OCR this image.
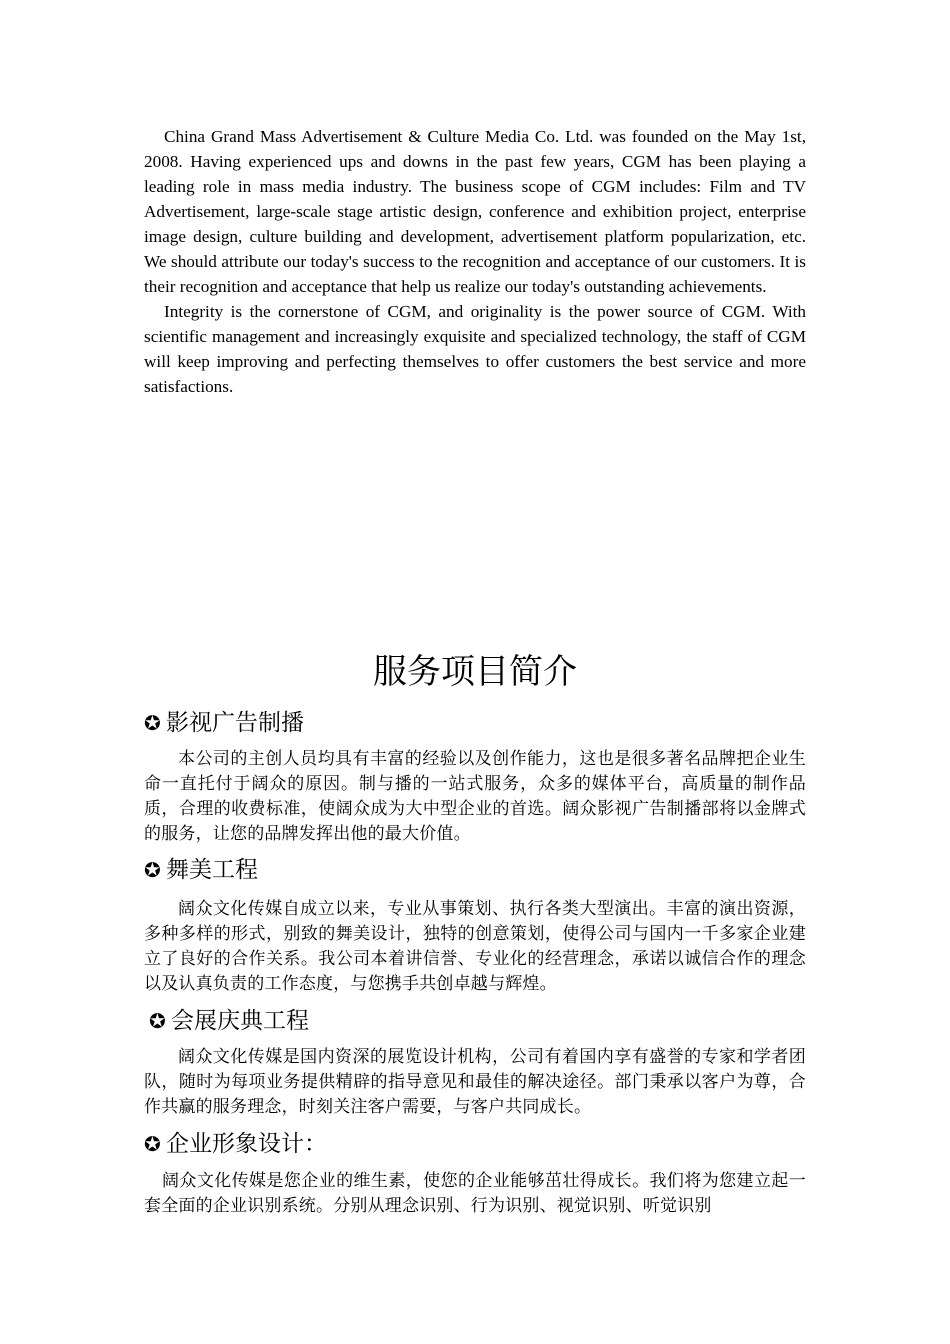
China Grand Mass Advertisement & Culture Media Co. Ltd. was founded on the May 1st, 2008. Having experienced ups and downs in the past few years, CGM has been playing a leading role in mass media industry. The business scope of CGM includes: Film and TV Advertisement, large-scale stage artistic design, conference and exhibition project, enterprise image design, culture building and development, advertisement platform popularization, etc. We should attribute our today's success to the recognition and acceptance of our customers. It is their recognition and acceptance that help us realize our today's outstanding achievements.

Integrity is the cornerstone of CGM, and originality is the power source of CGM. With scientific management and increasingly exquisite and specialized technology, the staff of CGM will keep improving and perfecting themselves to offer customers the best service and more satisfactions.

服务项目简介
✪ 影视广告制播

本公司的主创人员均具有丰富的经验以及创作能力，这也是很多著名品牌把企业生命一直托付于阔众的原因。制与播的一站式服务，众多的媒体平台，高质量的制作品质，合理的收费标准，使阔众成为大中型企业的首选。阔众影视广告制播部将以金牌式的服务，让您的品牌发挥出他的最大价值。

✪ 舞美工程

阔众文化传媒自成立以来，专业从事策划、执行各类大型演出。丰富的演出资源，多种多样的形式，别致的舞美设计，独特的创意策划，使得公司与国内一千多家企业建立了良好的合作关系。我公司本着讲信誉、专业化的经营理念，承诺以诚信合作的理念以及认真负责的工作态度，与您携手共创卓越与辉煌。

✪ 会展庆典工程

阔众文化传媒是国内资深的展览设计机构，公司有着国内享有盛誉的专家和学者团队，随时为每项业务提供精辟的指导意见和最佳的解决途径。部门秉承以客户为尊，合作共赢的服务理念，时刻关注客户需要，与客户共同成长。

✪ 企业形象设计：

阔众文化传媒是您企业的维生素，使您的企业能够茁壮得成长。我们将为您建立起一套全面的企业识别系统。分别从理念识别、行为识别、视觉识别、听觉识别
